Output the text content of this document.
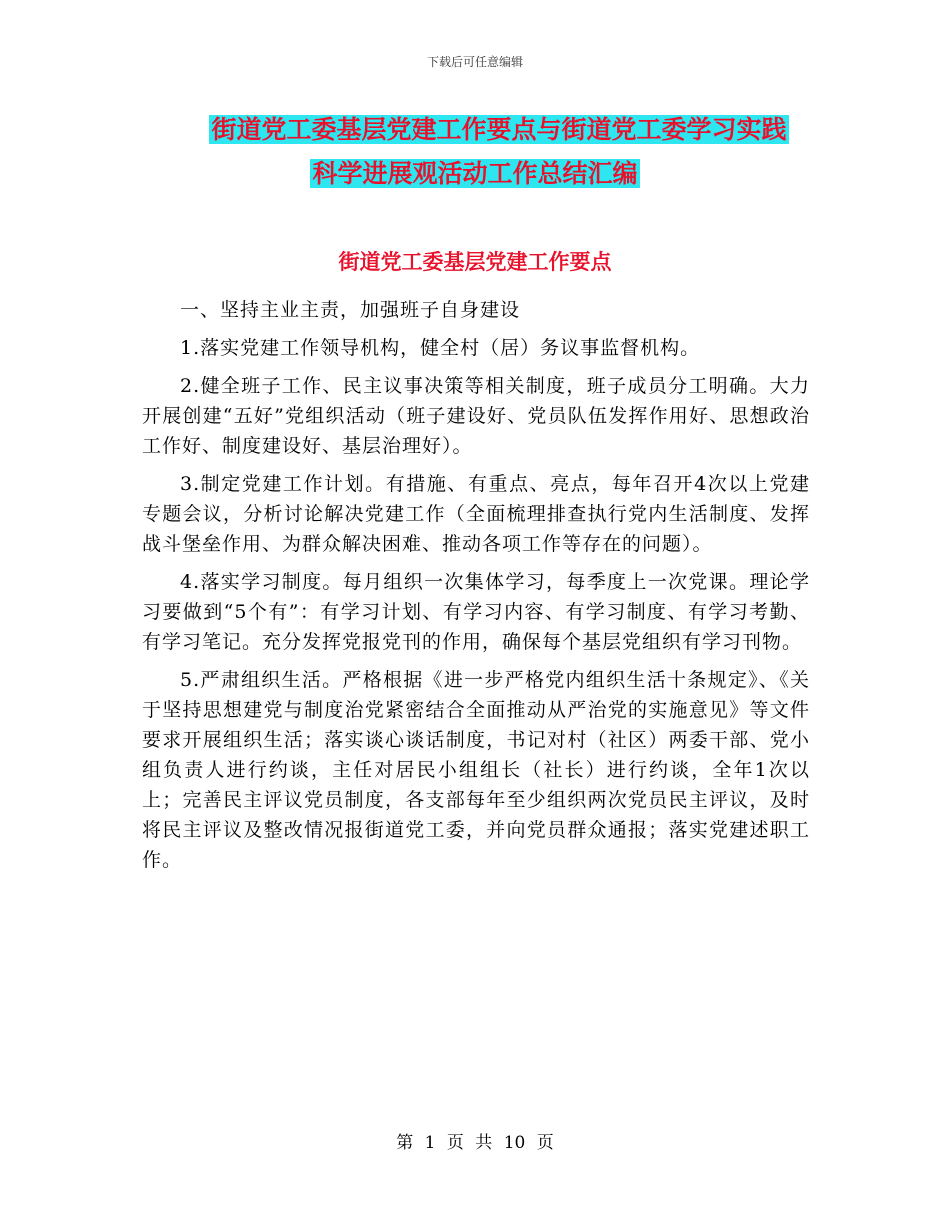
下载后可任意编辑
街道党工委基层党建工作要点与街道党工委学习实践
科学进展观活动工作总结汇编
街道党工委基层党建工作要点

一、坚持主业主责，加强班子自身建设

1.落实党建工作领导机构，健全村（居）务议事监督机构。

2.健全班子工作、民主议事决策等相关制度，班子成员分工明确。大力开展创建“五好”党组织活动（班子建设好、党员队伍发挥作用好、思想政治工作好、制度建设好、基层治理好）。

3.制定党建工作计划。有措施、有重点、亮点，每年召开4次以上党建专题会议，分析讨论解决党建工作（全面梳理排查执行党内生活制度、发挥战斗堡垒作用、为群众解决困难、推动各项工作等存在的问题）。

4.落实学习制度。每月组织一次集体学习，每季度上一次党课。理论学习要做到“5个有”：有学习计划、有学习内容、有学习制度、有学习考勤、有学习笔记。充分发挥党报党刊的作用，确保每个基层党组织有学习刊物。

5.严肃组织生活。严格根据《进一步严格党内组织生活十条规定》、《关于坚持思想建党与制度治党紧密结合全面推动从严治党的实施意见》等文件要求开展组织生活；落实谈心谈话制度，书记对村（社区）两委干部、党小组负责人进行约谈，主任对居民小组组长（社长）进行约谈，全年1次以上；完善民主评议党员制度，各支部每年至少组织两次党员民主评议，及时将民主评议及整改情况报街道党工委，并向党员群众通报；落实党建述职工作。

第 1 页 共 10 页
